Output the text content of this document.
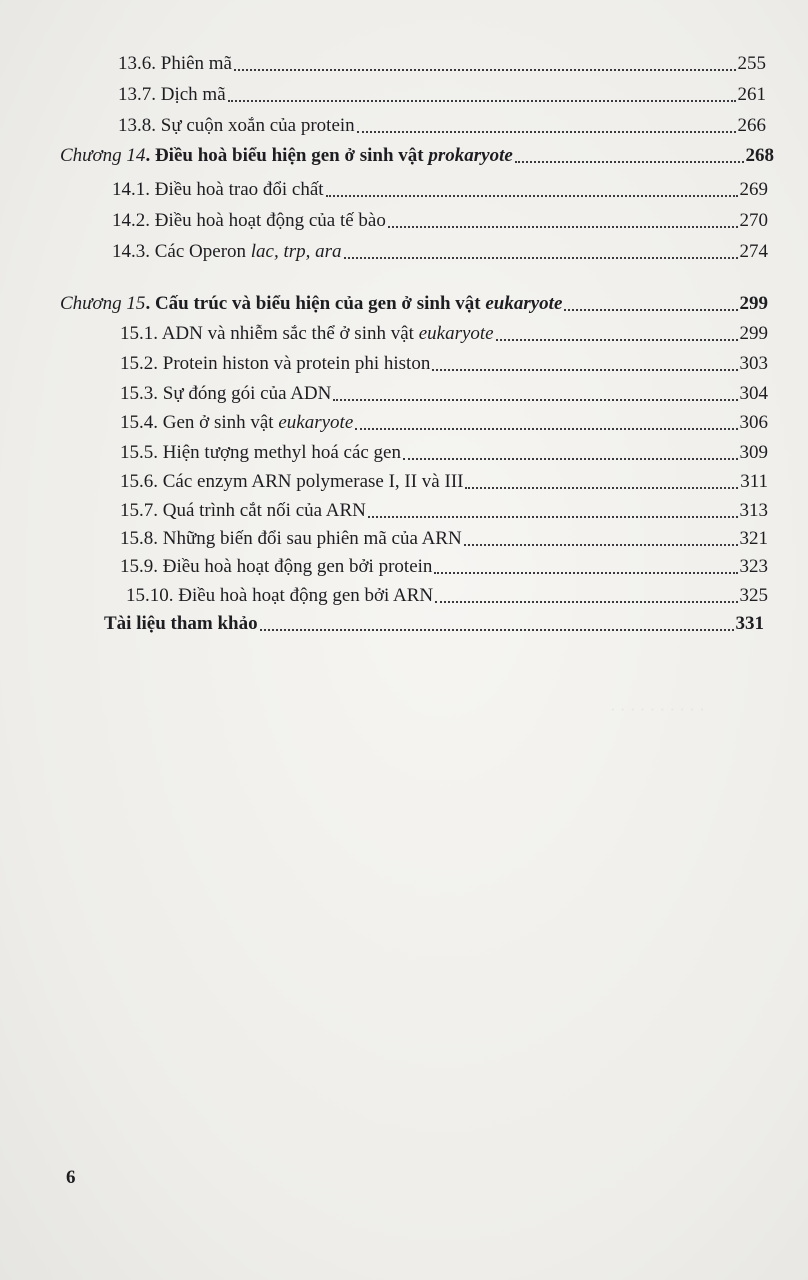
· · · · · · · · · ·
13.6. Phiên mã	255
13.7. Dịch mã	261
13.8. Sự cuộn xoắn của protein	266
Chương 14. Điều hoà biểu hiện gen ở sinh vật prokaryote	268
14.1. Điều hoà trao đổi chất	269
14.2. Điều hoà hoạt động của tế bào	270
14.3. Các Operon lac, trp, ara	274
Chương 15. Cấu trúc và biểu hiện của gen ở sinh vật eukaryote	299
15.1. ADN và nhiễm sắc thể ở sinh vật eukaryote	299
15.2. Protein histon và protein phi histon	303
15.3. Sự đóng gói của ADN	304
15.4. Gen ở sinh vật eukaryote	306
15.5. Hiện tượng methyl hoá các gen	309
15.6. Các enzym ARN polymerase I, II và III	311
15.7. Quá trình cắt nối của ARN	313
15.8. Những biến đổi sau phiên mã của ARN	321
15.9. Điều hoà hoạt động gen bởi protein	323
15.10. Điều hoà hoạt động gen bởi ARN	325
Tài liệu tham khảo	331
6
